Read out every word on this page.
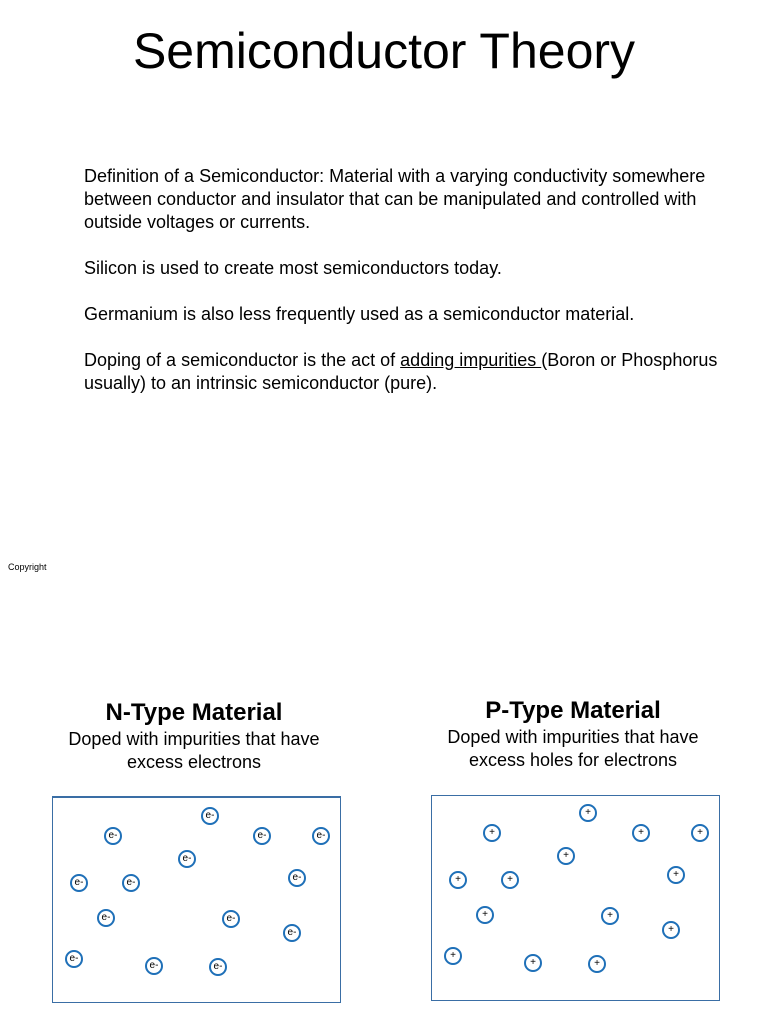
Semiconductor Theory

Definition of a Semiconductor: Material with a varying conductivity somewhere between conductor and insulator that can be manipulated and controlled with outside voltages or currents.

Silicon is used to create most semiconductors today.

Germanium is also less frequently used as a semiconductor material.

Doping of a semiconductor is the act of adding impurities (Boron or Phosphorus usually) to an intrinsic semiconductor (pure).

Copyright
N-Type Material
Doped with impurities that have
excess electrons
e-
e-	e-	e-
e-
e-	e-	e-
e-	e-
e-
e-
e-	e-
P-Type Material
Doped with impurities that have
excess holes for electrons
+
+	+	+
+
+	+	+
+	+
+
+
+	+
